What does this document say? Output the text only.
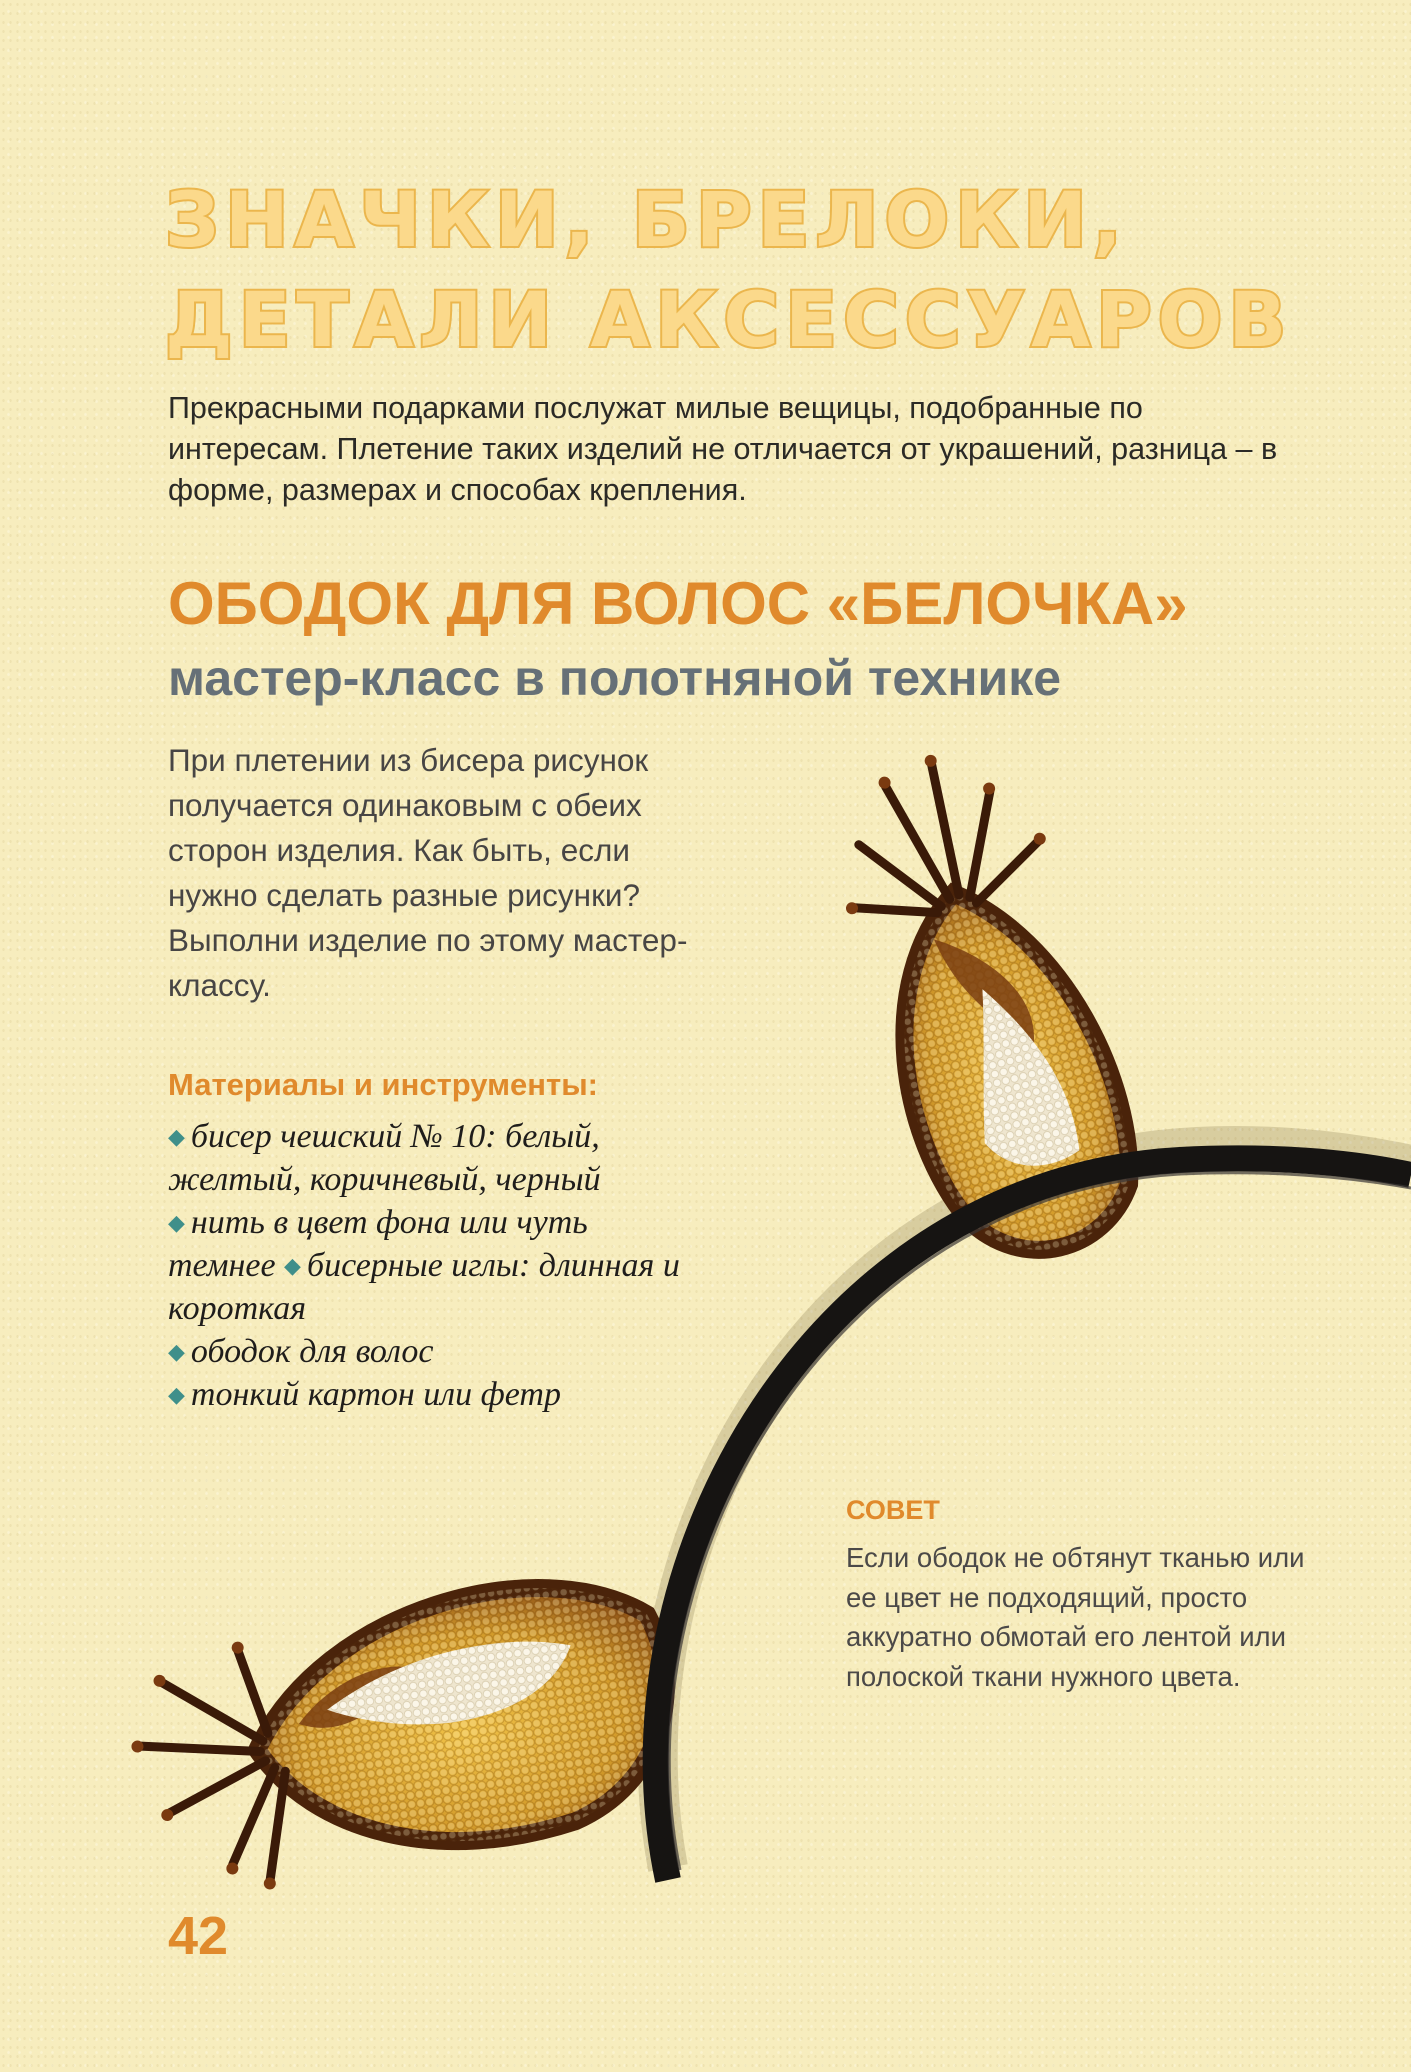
ЗНАЧКИ, БРЕЛОКИ,
ДЕТАЛИ АКСЕССУАРОВ

Прекрасными подарками послужат милые вещицы, подобранные по интересам. Плетение таких изделий не отличается от украшений, разница – в форме, размерах и способах крепления.

ОБОДОК ДЛЯ ВОЛОС «БЕЛОЧКА»
мастер-класс в полотняной технике

При плетении из бисера рисунок получается одинаковым с обеих сторон изделия. Как быть, если нужно сделать разные рисунки? Выполни изделие по этому мастер-классу.

Материалы и инструменты:

◆ бисер чешский № 10: белый, желтый, коричневый, черный ◆ нить в цвет фона или чуть темнее ◆ бисерные иглы: длинная и короткая
◆ ободок для волос
◆ тонкий картон или фетр

СОВЕТ

Если ободок не обтянут тканью или ее цвет не подходящий, просто аккуратно обмотай его лентой или полоской ткани нужного цвета.

42
